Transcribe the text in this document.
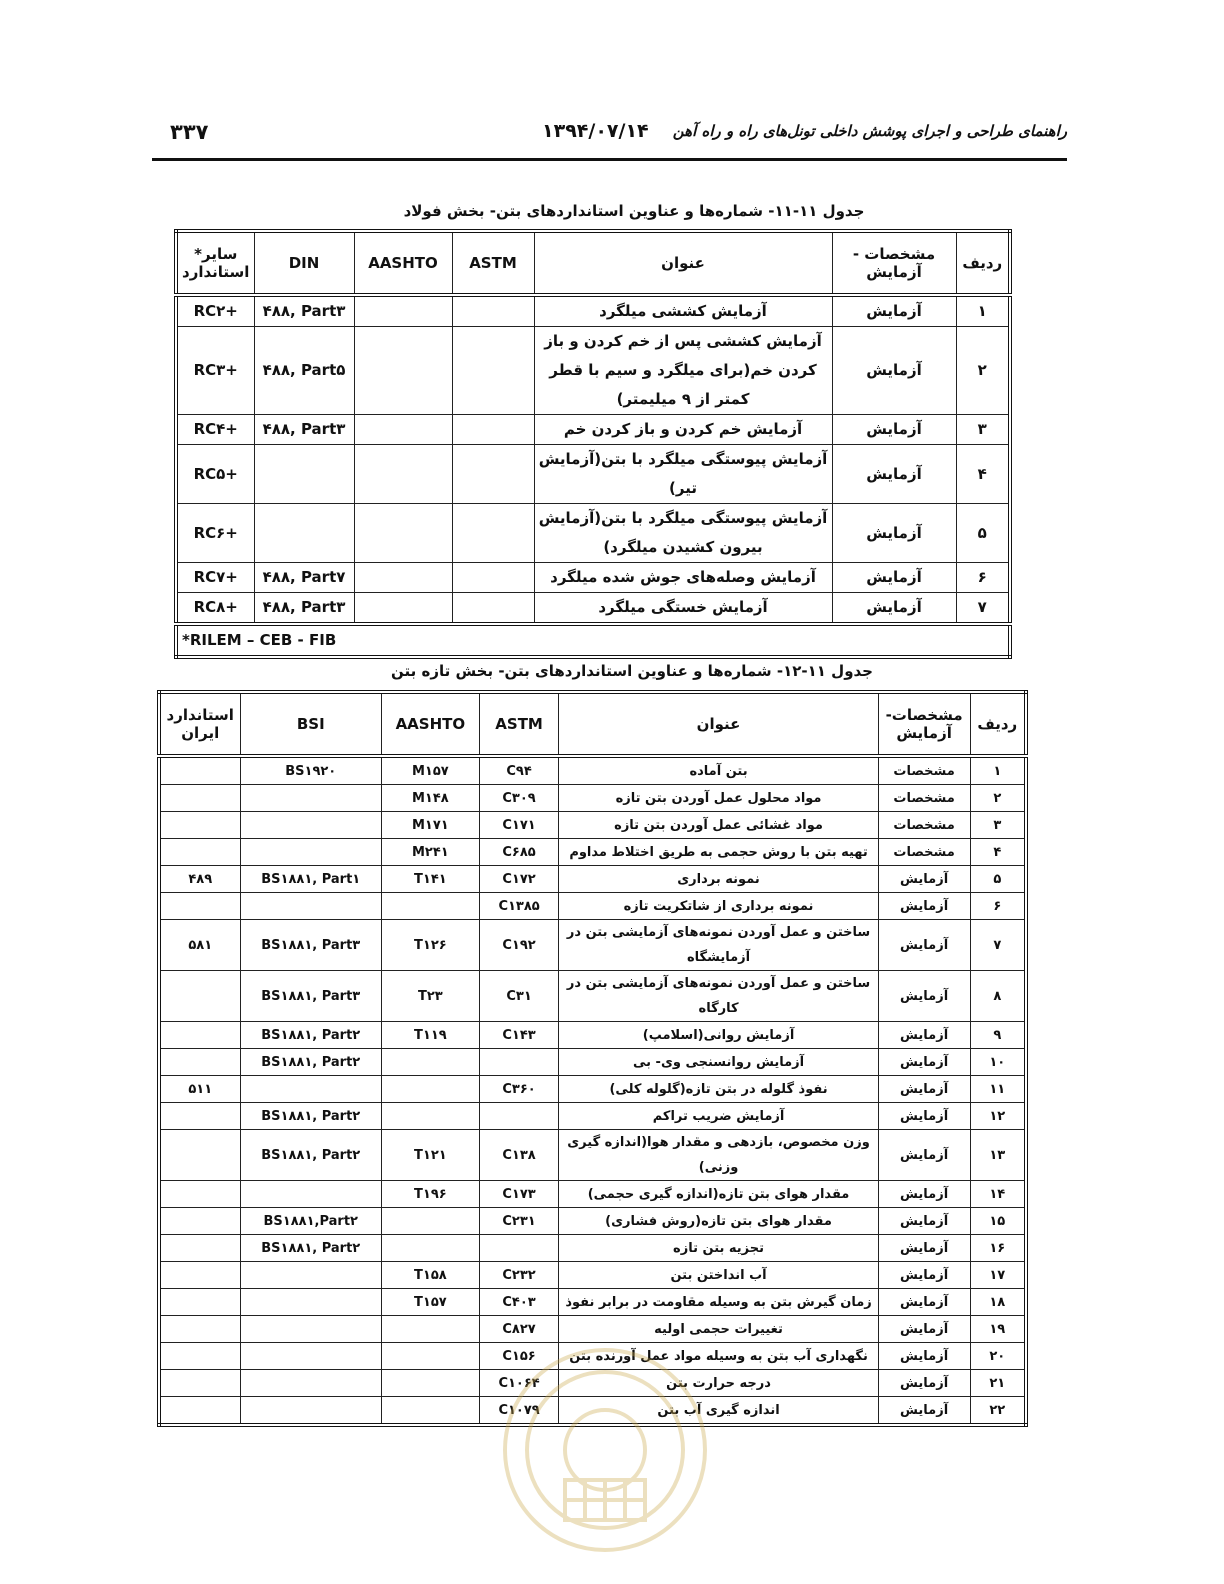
راهنمای طراحی و اجرای پوشش داخلی تونل‌های راه و راه آهن
۱۳۹۴/۰۷/۱۴
۳۳۷
جدول ۱۱-۱۱- شماره‌ها و عناوین استانداردهای بتن- بخش فولاد
ردیف	مشخصات - آزمایش	عنوان	ASTM	AASHTO	DIN	سایر* استاندارد
۱	آزمایش	آزمایش کششی میلگرد			۴۸۸, Part۳	RC۲+
۲	آزمایش	آزمایش کششی پس از خم کردن و باز کردن خم(برای میلگرد و سیم با قطر کمتر از ۹ میلیمتر)			۴۸۸, Part۵	RC۳+
۳	آزمایش	آزمایش خم کردن و باز کردن خم			۴۸۸, Part۳	RC۴+
۴	آزمایش	آزمایش پیوستگی میلگرد با بتن(آزمایش تیر)				RC۵+
۵	آزمایش	آزمایش پیوستگی میلگرد با بتن(آزمایش بیرون کشیدن میلگرد)				RC۶+
۶	آزمایش	آزمایش وصله‌های جوش شده میلگرد			۴۸۸, Part۷	RC۷+
۷	آزمایش	آزمایش خستگی میلگرد			۴۸۸, Part۳	RC۸+
*RILEM – CEB - FIB						
جدول ۱۱-۱۲- شماره‌ها و عناوین استانداردهای بتن- بخش تازه بتن
ردیف	مشخصات- آزمایش	عنوان	ASTM	AASHTO	BSI	استاندارد ایران
۱	مشخصات	بتن آماده	C۹۴	M۱۵۷	BS۱۹۲۰	
۲	مشخصات	مواد محلول عمل آوردن بتن تازه	C۳۰۹	M۱۴۸		
۳	مشخصات	مواد غشائی عمل آوردن بتن تازه	C۱۷۱	M۱۷۱		
۴	مشخصات	تهیه بتن با روش حجمی به طریق اختلاط مداوم	C۶۸۵	M۲۴۱		
۵	آزمایش	نمونه برداری	C۱۷۲	T۱۴۱	BS۱۸۸۱, Part۱	۴۸۹
۶	آزمایش	نمونه برداری از شاتکریت تازه	C۱۳۸۵			
۷	آزمایش	ساختن و عمل آوردن نمونه‌های آزمایشی بتن در آزمایشگاه	C۱۹۲	T۱۲۶	BS۱۸۸۱, Part۳	۵۸۱
۸	آزمایش	ساختن و عمل آوردن نمونه‌های آزمایشی بتن در کارگاه	C۳۱	T۲۳	BS۱۸۸۱, Part۳	
۹	آزمایش	آزمایش روانی(اسلامپ)	C۱۴۳	T۱۱۹	BS۱۸۸۱, Part۲	
۱۰	آزمایش	آزمایش روانسنجی وی- بی			BS۱۸۸۱, Part۲	
۱۱	آزمایش	نفوذ گلوله در بتن تازه(گلوله کلی)	C۳۶۰			۵۱۱
۱۲	آزمایش	آزمایش ضریب تراکم			BS۱۸۸۱, Part۲	
۱۳	آزمایش	وزن مخصوص، بازدهی و مقدار هوا(اندازه گیری وزنی)	C۱۳۸	T۱۲۱	BS۱۸۸۱, Part۲	
۱۴	آزمایش	مقدار هوای بتن تازه(اندازه گیری حجمی)	C۱۷۳	T۱۹۶		
۱۵	آزمایش	مقدار هوای بتن تازه(روش فشاری)	C۲۳۱		BS۱۸۸۱,Part۲	
۱۶	آزمایش	تجزیه بتن تازه			BS۱۸۸۱, Part۲	
۱۷	آزمایش	آب انداختن بتن	C۲۳۲	T۱۵۸		
۱۸	آزمایش	زمان گیرش بتن به وسیله مقاومت در برابر نفوذ	C۴۰۳	T۱۵۷		
۱۹	آزمایش	تغییرات حجمی اولیه	C۸۲۷			
۲۰	آزمایش	نگهداری آب بتن به وسیله مواد عمل آورنده بتن	C۱۵۶			
۲۱	آزمایش	درجه حرارت بتن	C۱۰۶۴			
۲۲	آزمایش	اندازه گیری آب بتن	C۱۰۷۹			
